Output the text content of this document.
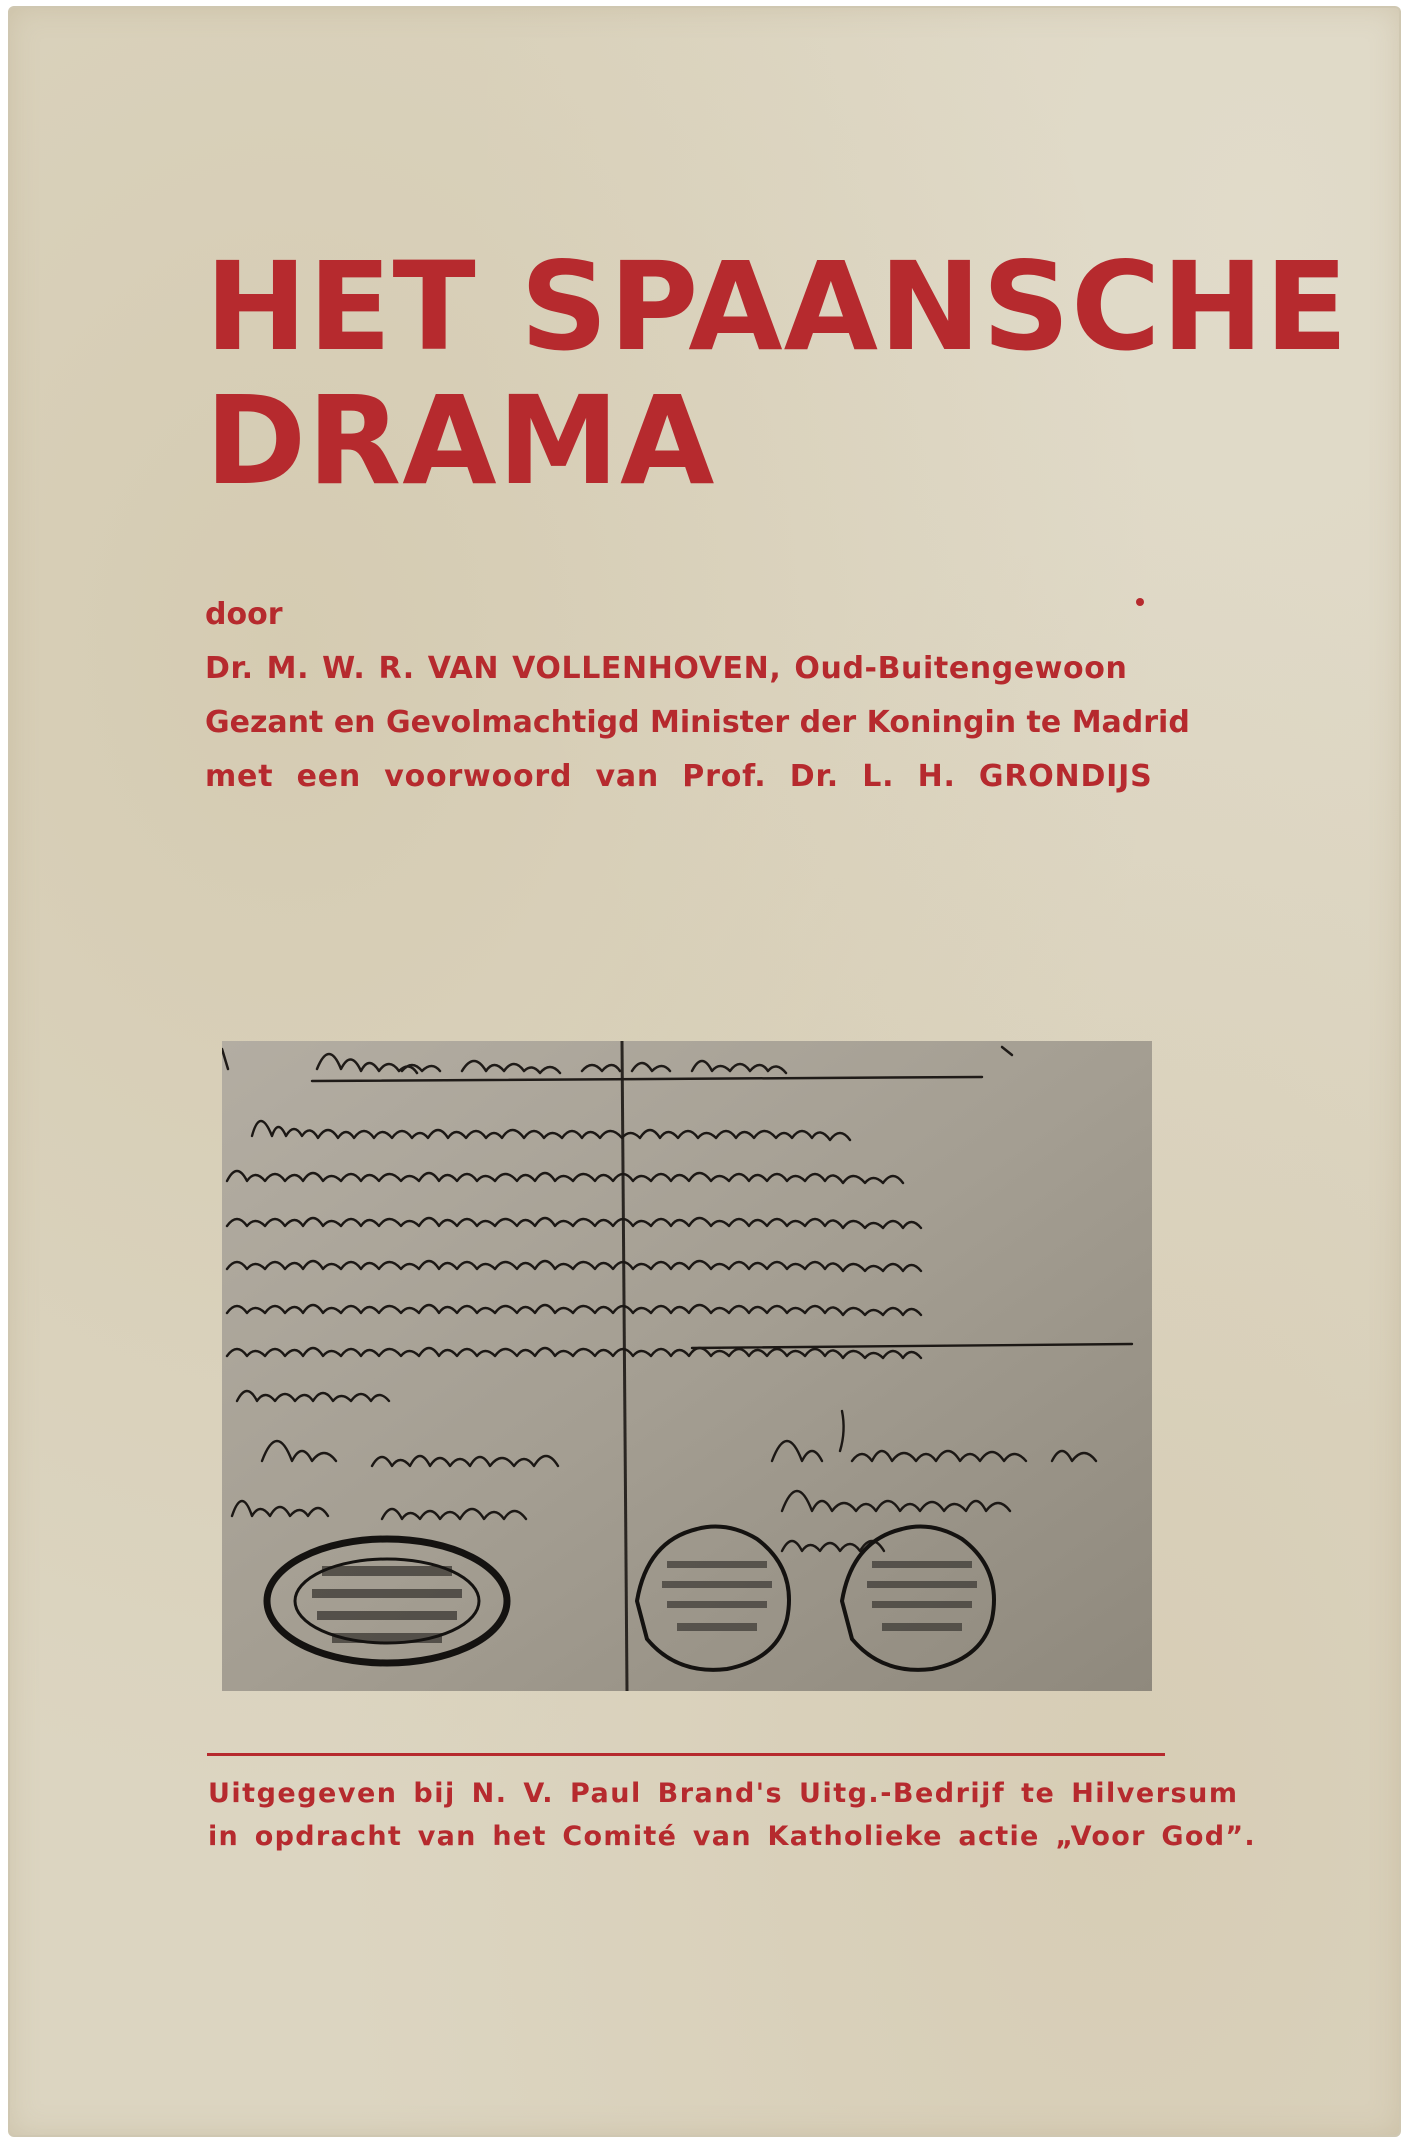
HET SPAANSCHE
DRAMA
door
Dr. M. W. R. VAN VOLLENHOVEN, Oud-Buitengewoon
Gezant en Gevolmachtigd Minister der Koningin te Madrid
met een voorwoord van Prof. Dr. L. H. GRONDIJS
Uitgegeven bij N. V. Paul Brand's Uitg.-Bedrijf te Hilversum
in opdracht van het Comité van Katholieke actie „Voor God”.
